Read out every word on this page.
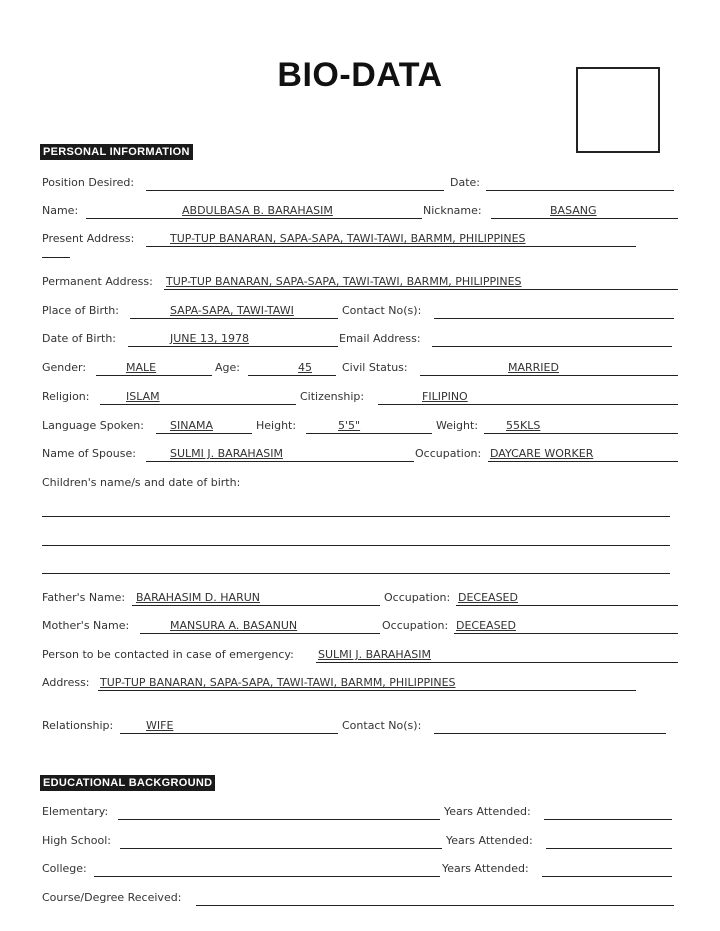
BIO-DATA
PERSONAL INFORMATION
Position Desired:	Date:
Name:	ABDULBASA B. BARAHASIM	Nickname:	BASANG
Present Address:	TUP-TUP BANARAN, SAPA-SAPA, TAWI-TAWI, BARMM, PHILIPPINES
Permanent Address: TUP-TUP BANARAN, SAPA-SAPA, TAWI-TAWI, BARMM, PHILIPPINES
Place of Birth:	SAPA-SAPA, TAWI-TAWI	Contact No(s):
Date of Birth:	JUNE 13, 1978	Email Address:
Gender:	MALE	Age:	45	Civil Status:	MARRIED
Religion:	ISLAM	Citizenship:	FILIPINO
Language Spoken: SINAMA	Height:	5'5"	Weight:	55KLS
Name of Spouse:	SULMI J. BARAHASIM	Occupation: DAYCARE WORKER
Children's name/s and date of birth:
Father's Name: BARAHASIM D. HARUN	Occupation: DECEASED
Mother's Name:	MANSURA A. BASANUN	Occupation: DECEASED
Person to be contacted in case of emergency: SULMI J. BARAHASIM
Address: TUP-TUP BANARAN, SAPA-SAPA, TAWI-TAWI, BARMM, PHILIPPINES
Relationship:	WIFE	Contact No(s):
EDUCATIONAL BACKGROUND
Elementary:	Years Attended:
High School:	Years Attended:
College:	Years Attended:
Course/Degree Received:
